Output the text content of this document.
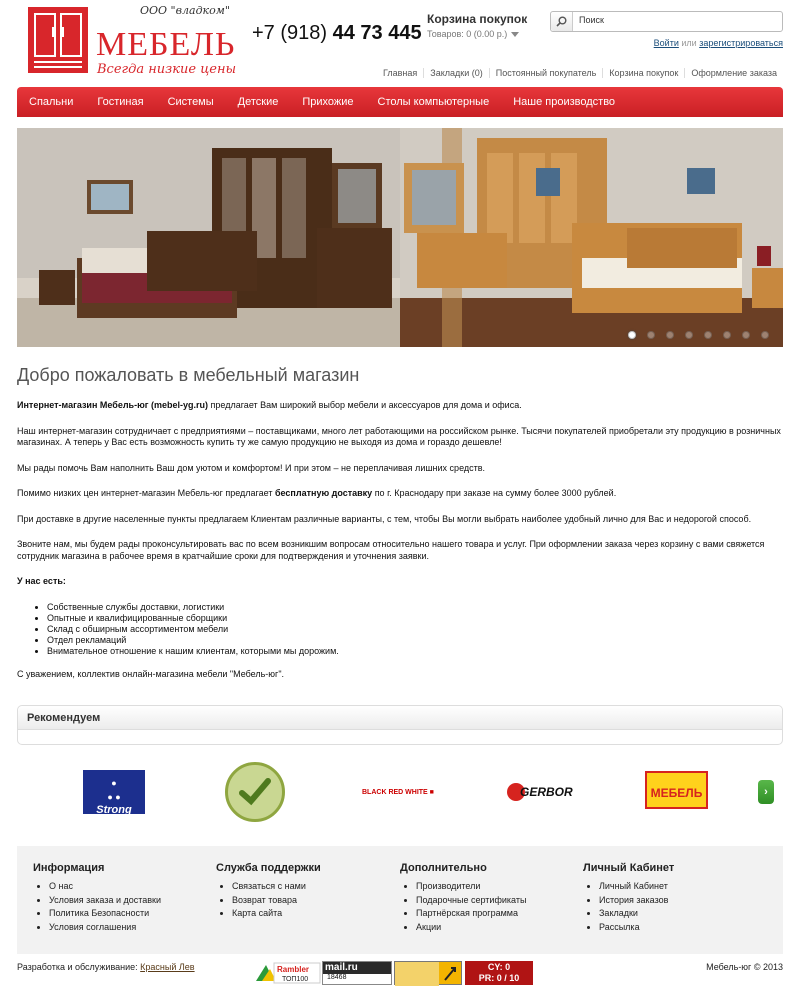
ООО "владком"
МЕБЕЛЬ
Всегда низкие цены
+7 (918) 44 73 445
Корзина покупок
Товаров: 0 (0.00 р.)
Поиск
Войти или зарегистрироваться
Главная	Закладки (0)	Постоянный покупатель	Корзина покупок	Оформление заказа
Спальни	Гостиная	Системы	Детские	Прихожие	Столы компьютерные	Наше производство
Добро пожаловать в мебельный магазин

Интернет-магазин Мебель-юг (mebel-yg.ru) предлагает Вам широкий выбор мебели и аксессуаров для дома и офиса.

Наш интернет-магазин сотрудничает с предприятиями – поставщиками, много лет работающими на российском рынке. Тысячи покупателей приобретали эту продукцию в розничных магазинах. А теперь у Вас есть возможность купить ту же самую продукцию не выходя из дома и гораздо дешевле!

Мы рады помочь Вам наполнить Ваш дом уютом и комфортом! И при этом – не переплачивая лишних средств.

Помимо низких цен интернет-магазин Мебель-юг предлагает бесплатную доставку по г. Краснодару при заказе на сумму более 3000 рублей.

При доставке в другие населенные пункты предлагаем Клиентам различные варианты, с тем, чтобы Вы могли выбрать наиболее удобный лично для Вас и недорогой способ.

Звоните нам, мы будем рады проконсультировать вас по всем возникшим вопросам относительно нашего товара и услуг. При оформлении заказа через корзину с вами свяжется сотрудник магазина в рабочее время в кратчайшие сроки для подтверждения и уточнения заявки.

У нас есть:
• Собственные службы доставки, логистики
• Опытные и квалифицированные сборщики
• Склад с обширным ассортиментом мебели
• Отдел рекламаций
• Внимательное отношение к нашим клиентам, которыми мы дорожим.

С уважением, коллектив онлайн-магазина мебели "Мебель-юг".

Рекомендуем
●
● ●
Strong
BLACK RED WHITE ■	GERBOR	МЕБЕЛЬ	›
Информация
• О нас
• Условия заказа и доставки
• Политика Безопасности
• Условия соглашения
Служба поддержки
• Связаться с нами
• Возврат товара
• Карта сайта
Дополнительно
• Производители
• Подарочные сертификаты
• Партнёрская программа
• Акции
Личный Кабинет
• Личный Кабинет
• История заказов
• Закладки
• Рассылка
Разработка и обслуживание: Красный Лев	Rambler
ТОП100
mail.ru
18468
CY: 0
PR: 0 / 10
Мебель-юг © 2013
